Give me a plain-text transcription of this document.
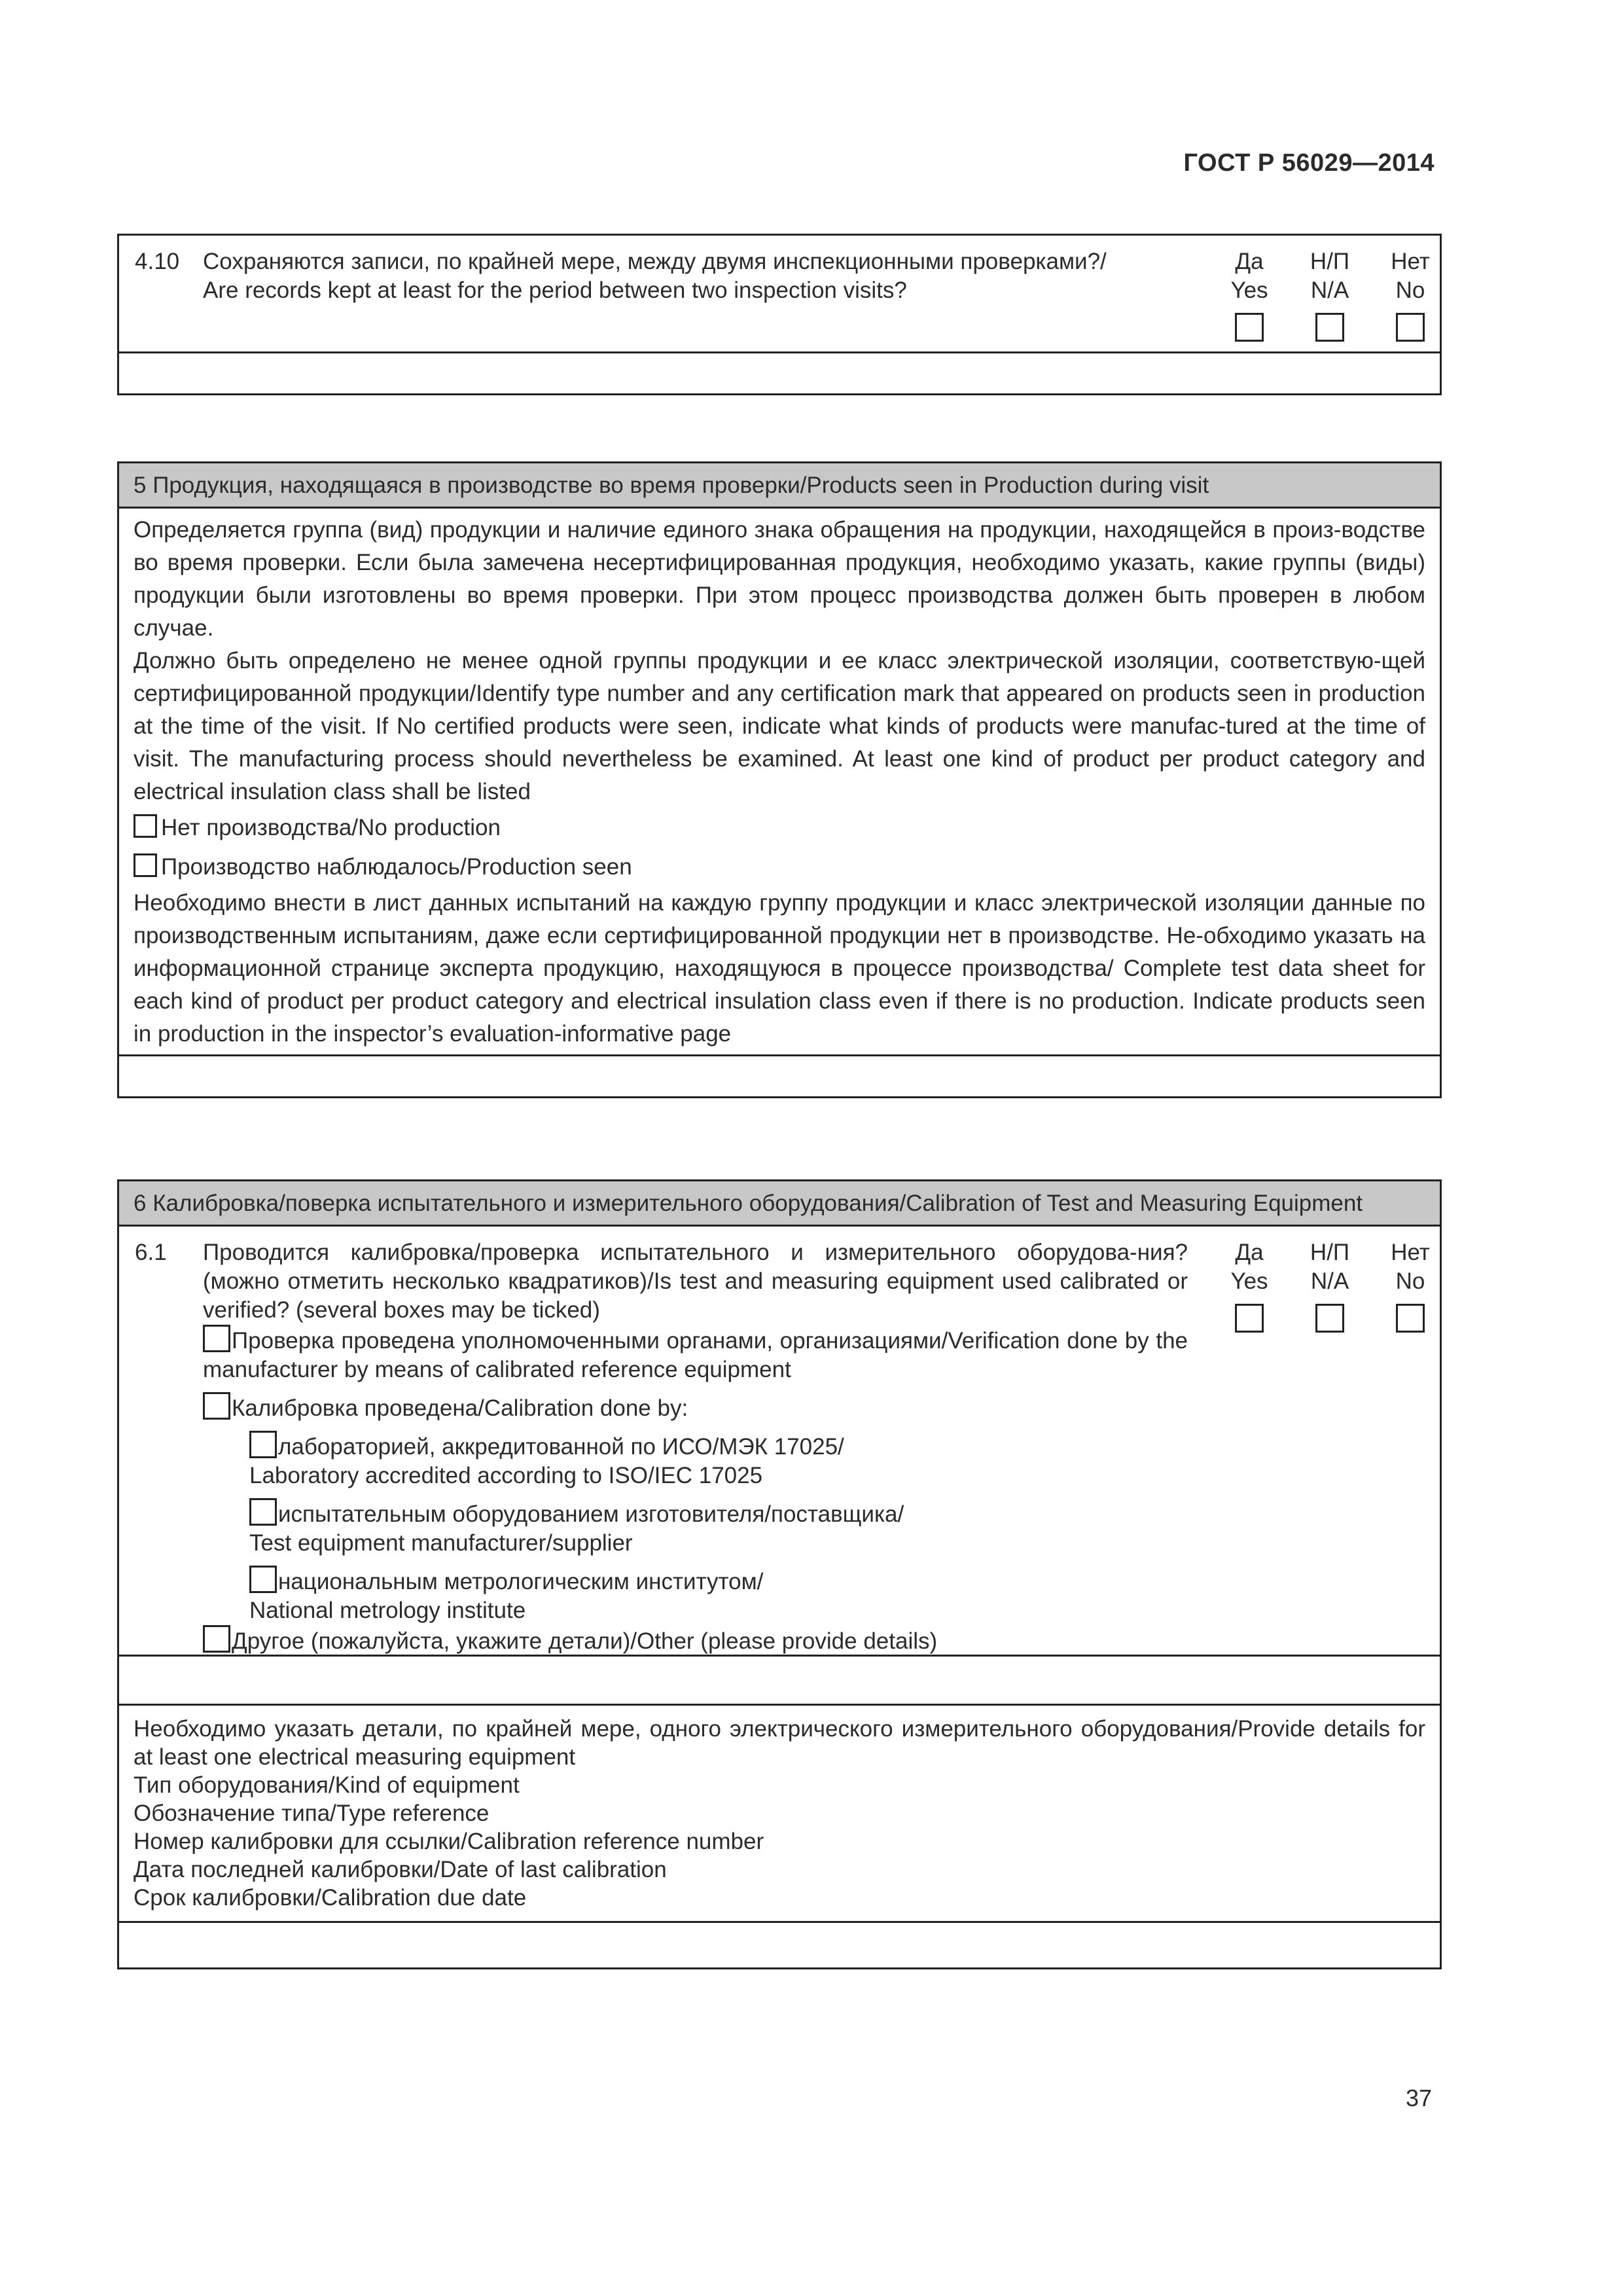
ГОСТ Р 56029—2014
4.10 Сохраняются записи, по крайней мере, между двумя инспекционными проверками?/
Are records kept at least for the period between two inspection visits?
Да
Yes
Н/П
N/A
Нет
No
5 Продукция, находящаяся в производстве во время проверки/Products seen in Production during visit

Определяется группа (вид) продукции и наличие единого знака обращения на продукции, находящейся в произ-водстве во время проверки. Если была замечена несертифицированная продукция, необходимо указать, какие группы (виды) продукции были изготовлены во время проверки. При этом процесс производства должен быть проверен в любом случае.

Должно быть определено не менее одной группы продукции и ее класс электрической изоляции, соответствую-щей сертифицированной продукции/Identify type number and any certification mark that appeared on products seen in production at the time of the visit. If No certified products were seen, indicate what kinds of products were manufac-tured at the time of visit. The manufacturing process should nevertheless be examined. At least one kind of product per product category and electrical insulation class shall be listed

Нет производства/No production
Производство наблюдалось/Production seen

Необходимо внести в лист данных испытаний на каждую группу продукции и класс электрической изоляции данные по производственным испытаниям, даже если сертифицированной продукции нет в производстве. Не-обходимо указать на информационной странице эксперта продукцию, находящуюся в процессе производства/ Complete test data sheet for each kind of product per product category and electrical insulation class even if there is no production. Indicate products seen in production in the inspector’s evaluation-informative page

6 Калибровка/поверка испытательного и измерительного оборудования/Calibration of Test and Measuring Equipment
6.1 Проводится калибровка/проверка испытательного и измерительного оборудова-ния? (можно отметить несколько квадратиков)/Is test and measuring equipment used calibrated or verified? (several boxes may be ticked)
Проверка проведена уполномоченными органами, организациями/Verification done by the manufacturer by means of calibrated reference equipment
Калибровка проведена/Calibration done by:
лабораторией, аккредитованной по ИСО/МЭК 17025/
Laboratory accredited according to ISO/IEC 17025
испытательным оборудованием изготовителя/поставщика/
Test equipment manufacturer/supplier
национальным метрологическим институтом/
National metrology institute
Другое (пожалуйста, укажите детали)/Other (please provide details)
Да
Yes
Н/П
N/A
Нет
No

Необходимо указать детали, по крайней мере, одного электрического измерительного оборудования/Provide details for at least one electrical measuring equipment

Тип оборудования/Kind of equipment

Обозначение типа/Type reference

Номер калибровки для ссылки/Calibration reference number

Дата последней калибровки/Date of last calibration

Срок калибровки/Calibration due date

37
